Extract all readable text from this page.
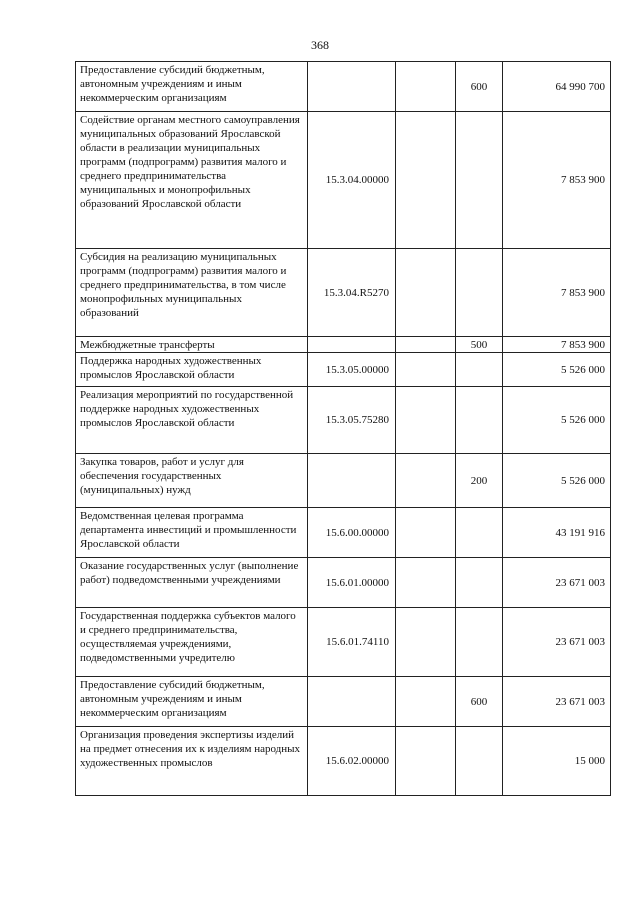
368
Предоставление субсидий бюджетным, автономным учреждениям и иным некоммерческим организациям			600	64 990 700
Содействие органам местного самоуправления муниципальных образований Ярославской области в реализации муниципальных программ (подпрограмм) развития малого и среднего предпринимательства муниципальных и монопрофильных образований Ярославской области	15.3.04.00000			7 853 900
Субсидия на реализацию муниципальных программ (подпрограмм) развития малого и среднего предпринимательства, в том числе монопрофильных муниципальных образований	15.3.04.R5270			7 853 900
Межбюджетные трансферты			500	7 853 900
Поддержка народных художественных промыслов Ярославской области	15.3.05.00000			5 526 000
Реализация мероприятий по государственной поддержке народных художественных промыслов Ярославской области	15.3.05.75280			5 526 000
Закупка товаров, работ и услуг для обеспечения государственных (муниципальных) нужд			200	5 526 000
Ведомственная целевая программа департамента инвестиций и промышленности Ярославской области	15.6.00.00000			43 191 916
Оказание государственных услуг (выполнение работ) подведомственными учреждениями	15.6.01.00000			23 671 003
Государственная поддержка субъектов малого и среднего предпринимательства, осуществляемая учреждениями, подведомственными учредителю	15.6.01.74110			23 671 003
Предоставление субсидий бюджетным, автономным учреждениям и иным некоммерческим организациям			600	23 671 003
Организация проведения экспертизы изделий на предмет отнесения их к изделиям народных художественных промыслов	15.6.02.00000			15 000
